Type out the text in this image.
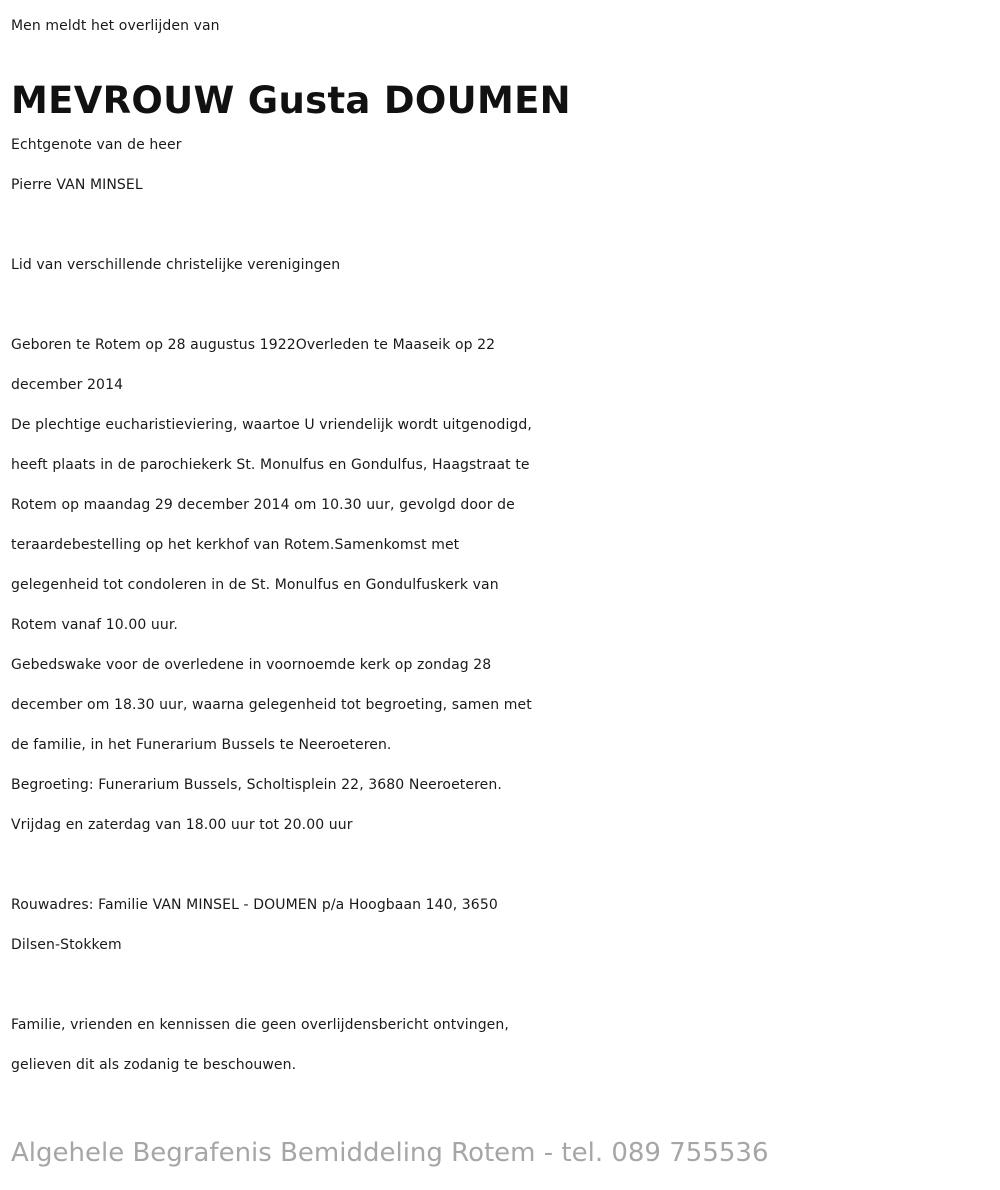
Men meldt het overlijden van
MEVROUW Gusta DOUMEN
Echtgenote van de heer
Pierre VAN MINSEL
Lid van verschillende christelijke verenigingen
Geboren te Rotem op 28 augustus 1922Overleden te Maaseik op 22
december 2014
De plechtige eucharistieviering, waartoe U vriendelijk wordt uitgenodigd,
heeft plaats in de parochiekerk St. Monulfus en Gondulfus, Haagstraat te
Rotem op maandag 29 december 2014 om 10.30 uur, gevolgd door de
teraardebestelling op het kerkhof van Rotem.Samenkomst met
gelegenheid tot condoleren in de St. Monulfus en Gondulfuskerk van
Rotem vanaf 10.00 uur.
Gebedswake voor de overledene in voornoemde kerk op zondag 28
december om 18.30 uur, waarna gelegenheid tot begroeting, samen met
de familie, in het Funerarium Bussels te Neeroeteren.
Begroeting: Funerarium Bussels, Scholtisplein 22, 3680 Neeroeteren.
Vrijdag en zaterdag van 18.00 uur tot 20.00 uur
Rouwadres: Familie VAN MINSEL - DOUMEN p/a Hoogbaan 140, 3650
Dilsen-Stokkem
Familie, vrienden en kennissen die geen overlijdensbericht ontvingen,
gelieven dit als zodanig te beschouwen.
Algehele Begrafenis Bemiddeling Rotem - tel. 089 755536
